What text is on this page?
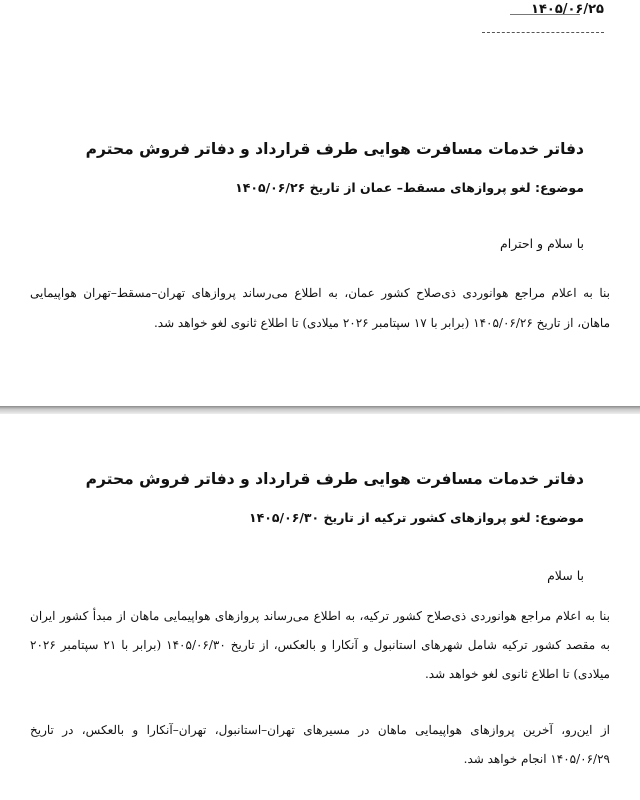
۱۴۰۵/۰۶/۲۵
دفاتر خدمات مسافرت هوایی طرف قرارداد و دفاتر فروش محترم
موضوع: لغو پروازهای مسقط– عمان از تاریخ ۱۴۰۵/۰۶/۲۶
با سلام و احترام
بنا به اعلام مراجع هوانوردی ذی‌صلاح کشور عمان، به اطلاع می‌رساند پروازهای تهران–مسقط–تهران هواپیمایی ماهان، از تاریخ ۱۴۰۵/۰۶/۲۶ (برابر با ۱۷ سپتامبر ۲۰۲۶ میلادی) تا اطلاع ثانوی لغو خواهد شد.
دفاتر خدمات مسافرت هوایی طرف قرارداد و دفاتر فروش محترم
موضوع: لغو پروازهای کشور ترکیه از تاریخ ۱۴۰۵/۰۶/۳۰
با سلام
بنا به اعلام مراجع هوانوردی ذی‌صلاح کشور ترکیه، به اطلاع می‌رساند پروازهای هواپیمایی ماهان از مبدأ کشور ایران به مقصد کشور ترکیه شامل شهرهای استانبول و آنکارا و بالعکس، از تاریخ ۱۴۰۵/۰۶/۳۰ (برابر با ۲۱ سپتامبر ۲۰۲۶ میلادی) تا اطلاع ثانوی لغو خواهد شد.
از این‌رو، آخرین پروازهای هواپیمایی ماهان در مسیرهای تهران–استانبول، تهران–آنکارا و بالعکس، در تاریخ ۱۴۰۵/۰۶/۲۹ انجام خواهد شد.
